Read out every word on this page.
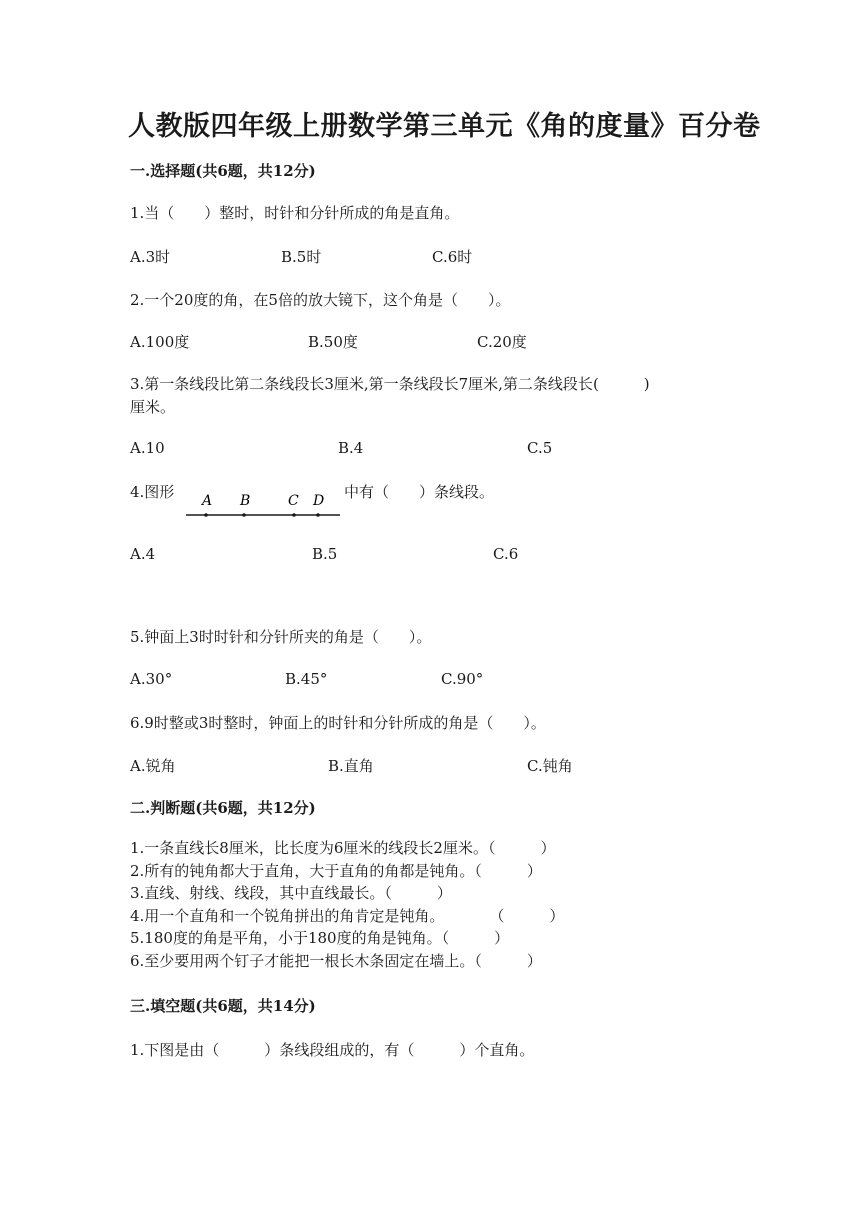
人教版四年级上册数学第三单元《角的度量》百分卷
一.选择题(共6题，共12分)
1.当（　　）整时，时针和分针所成的角是直角。
A.3时	B.5时	C.6时
2.一个20度的角，在5倍的放大镜下，这个角是（　　）。
A.100度	B.50度	C.20度
3.第一条线段比第二条线段长3厘米,第一条线段长7厘米,第二条线段长(　　　)
厘米。
A.10	B.4	C.5
4.图形 A B	C D 中有（　　）条线段。
A.4	B.5	C.6
5.钟面上3时时针和分针所夹的角是（　　）。
A.30°	B.45°	C.90°
6.9时整或3时整时，钟面上的时针和分针所成的角是（　　）。
A.锐角	B.直角	C.钝角
二.判断题(共6题，共12分)
1.一条直线长8厘米，比长度为6厘米的线段长2厘米。（　　　）
2.所有的钝角都大于直角，大于直角的角都是钝角。（　　　）
3.直线、射线、线段，其中直线最长。（　　　）
4.用一个直角和一个锐角拼出的角肯定是钝角。　　　　（　　　）
5.180度的角是平角，小于180度的角是钝角。（　　　）
6.至少要用两个钉子才能把一根长木条固定在墙上。（　　　）
三.填空题(共6题，共14分)
1.下图是由（　　　）条线段组成的，有（　　　）个直角。
